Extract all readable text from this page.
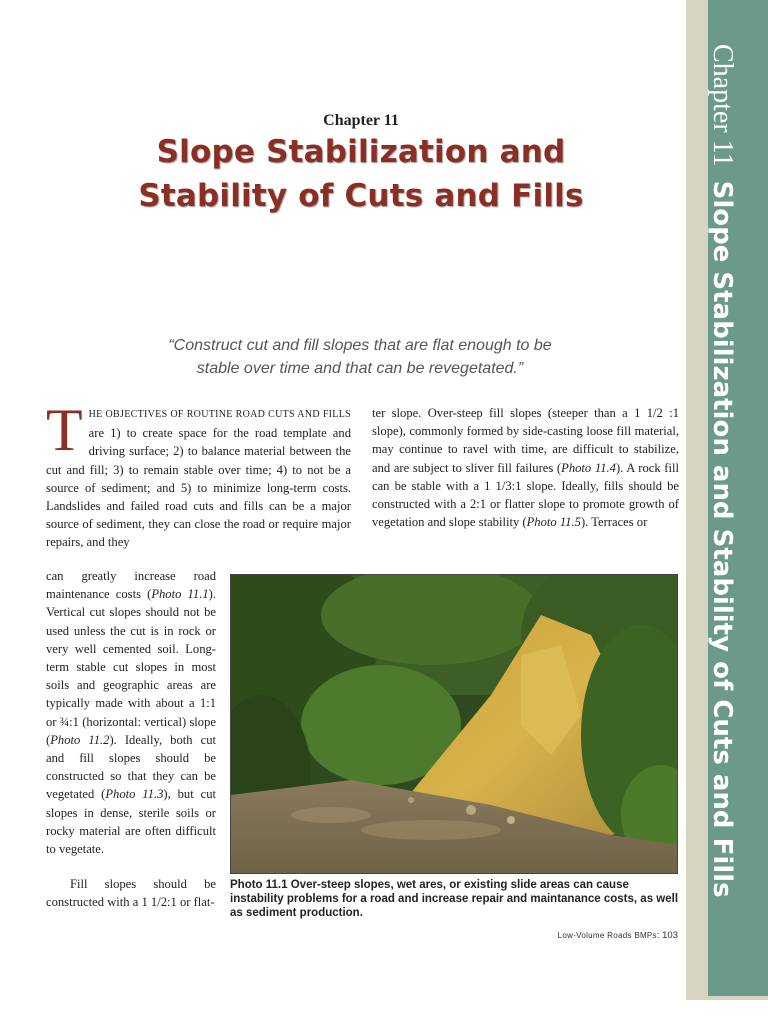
Chapter 11
Slope Stabilization and
Stability of Cuts and Fills
“Construct cut and fill slopes that are flat enough to be
stable over time and that can be revegetated.”
THE OBJECTIVES OF ROUTINE ROAD CUTS AND FILLS are 1) to create space for the road template and driving surface; 2) to balance material between the cut and fill; 3) to remain stable over time; 4) to not be a source of sediment; and 5) to minimize long-term costs. Landslides and failed road cuts and fills can be a major source of sediment, they can close the road or require major repairs, and they
can greatly increase road maintenance costs (Photo 11.1). Vertical cut slopes should not be used unless the cut is in rock or very well cemented soil. Long-term stable cut slopes in most soils and geographic areas are typically made with about a 1:1 or ¾:1 (horizontal: vertical) slope (Photo 11.2). Ideally, both cut and fill slopes should be constructed so that they can be vegetated (Photo 11.3), but cut slopes in dense, sterile soils or rocky material are often difficult to vegetate.
Fill slopes should be constructed with a 1 1/2:1 or flat-
ter slope. Over-steep fill slopes (steeper than a 1 1/2 :1 slope), commonly formed by side-casting loose fill material, may continue to ravel with time, are difficult to stabilize, and are subject to sliver fill failures (Photo 11.4). A rock fill can be stable with a 1 1/3:1 slope. Ideally, fills should be constructed with a 2:1 or flatter slope to promote growth of vegetation and slope stability (Photo 11.5). Terraces or
Photo 11.1 Over-steep slopes, wet ares, or existing slide areas can cause instability problems for a road and increase repair and maintanance costs, as well as sediment production.
Low-Volume Roads BMPs: 103
Chapter 11Slope Stabilization and Stability of Cuts and Fills
